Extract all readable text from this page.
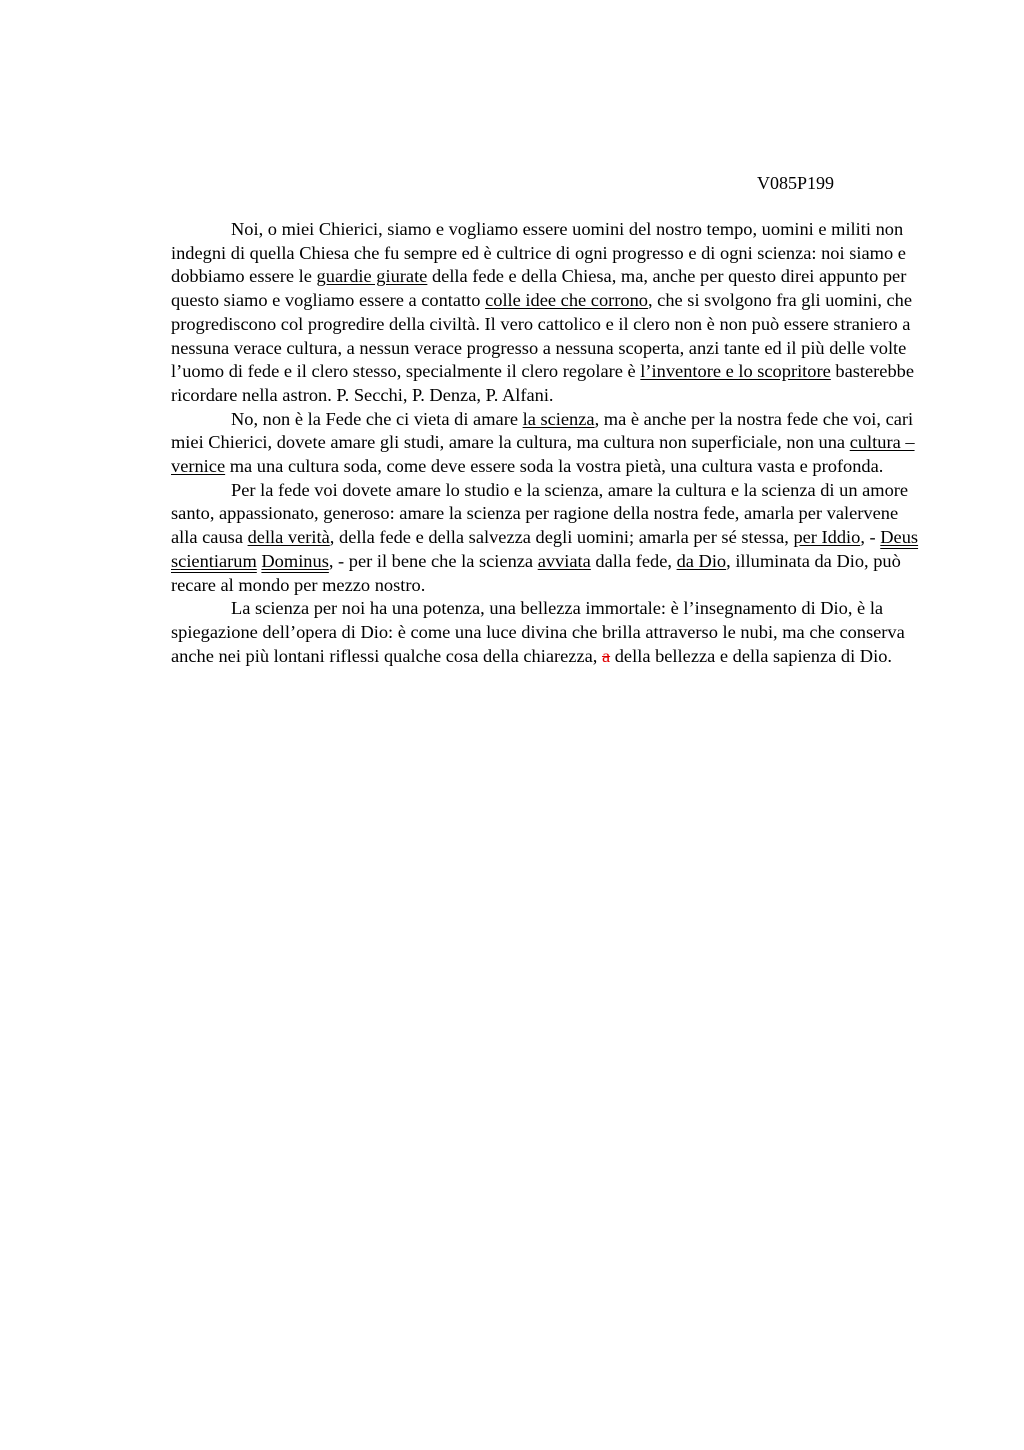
V085P199

Noi, o miei Chierici, siamo e vogliamo essere uomini del nostro tempo, uomini e militi non indegni di quella Chiesa che fu sempre ed è cultrice di ogni progresso e di ogni scienza: noi siamo e dobbiamo essere le guardie giurate della fede e della Chiesa, ma, anche per questo direi appunto per questo siamo e vogliamo essere a contatto colle idee che corrono, che si svolgono fra gli uomini, che progrediscono col progredire della civiltà. Il vero cattolico e il clero non è non può essere straniero a nessuna verace cultura, a nessun verace progresso a nessuna scoperta, anzi tante ed il più delle volte l’uomo di fede e il clero stesso, specialmente il clero regolare è l’inventore e lo scopritore basterebbe ricordare nella astron. P. Secchi, P. Denza, P. Alfani.

No, non è la Fede che ci vieta di amare la scienza, ma è anche per la nostra fede che voi, cari miei Chierici, dovete amare gli studi, amare la cultura, ma cultura non superficiale, non una cultura – vernice ma una cultura soda, come deve essere soda la vostra pietà, una cultura vasta e profonda.

Per la fede voi dovete amare lo studio e la scienza, amare la cultura e la scienza di un amore santo, appassionato, generoso: amare la scienza per ragione della nostra fede, amarla per valervene alla causa della verità, della fede e della salvezza degli uomini; amarla per sé stessa, per Iddio, - Deus scientiarum Dominus, - per il bene che la scienza avviata dalla fede, da Dio, illuminata da Dio, può recare al mondo per mezzo nostro.

La scienza per noi ha una potenza, una bellezza immortale: è l’insegnamento di Dio, è la spiegazione dell’opera di Dio: è come una luce divina che brilla attraverso le nubi, ma che conserva anche nei più lontani riflessi qualche cosa della chiarezza, a della bellezza e della sapienza di Dio.
